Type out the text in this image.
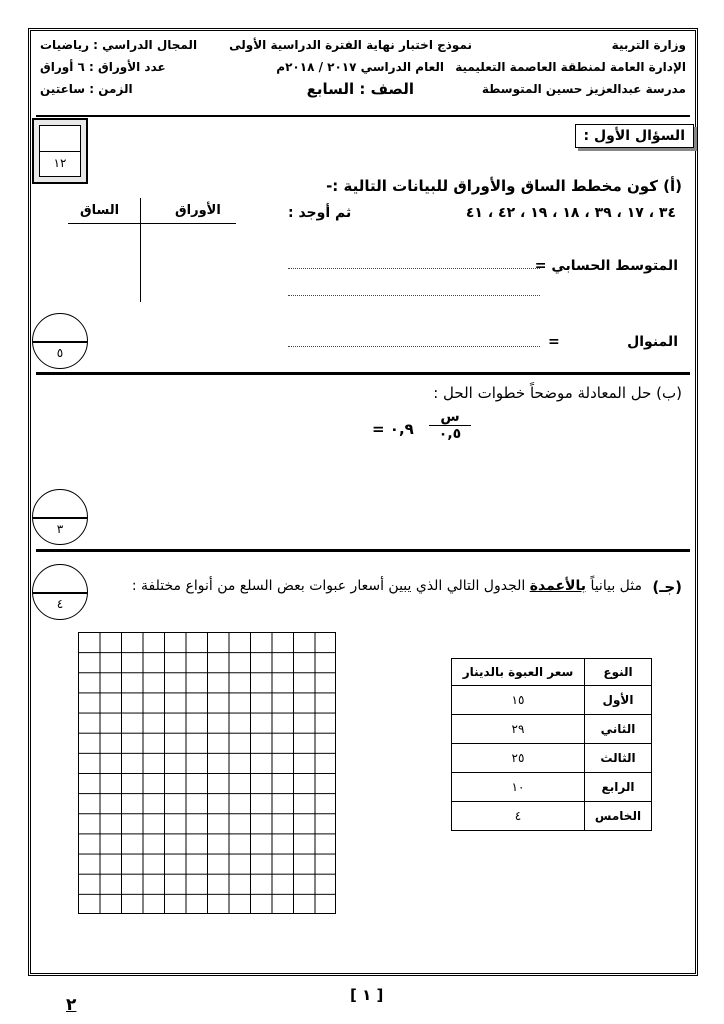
وزارة التربية
الإدارة العامة لمنطقة العاصمة التعليمية
مدرسة عبدالعزيز حسين المتوسطة
نموذج اختبار نهاية الفترة الدراسية الأولى
العام الدراسي ٢٠١٧ / ٢٠١٨م
الصف : السابع
المجال الدراسي : رياضيات
عدد الأوراق : ٦ أوراق
الزمن : ساعتين
١٢
السؤال الأول :
(أ) كون مخطط الساق والأوراق للبيانات التالية :-
٣٤ ، ١٧ ، ٣٩ ، ١٨ ، ١٩ ، ٤٢ ، ٤١
ثم أوجد :
الساق	الأوراق
المتوسط الحسابي =
المنوال
=
٥
(ب) حل المعادلة موضحاً خطوات الحل :
س
٠,٥
٠,٩ =
٣
(جـ)
مثل بيانياً بالأعمدة الجدول التالي الذي يبين أسعار عبوات بعض السلع من أنواع مختلفة :
٤
النوع	سعر العبوة بالدينار
الأول	١٥
الثاني	٢٩
الثالث	٢٥
الرابع	١٠
الخامس	٤
[ ١ ]
٢
